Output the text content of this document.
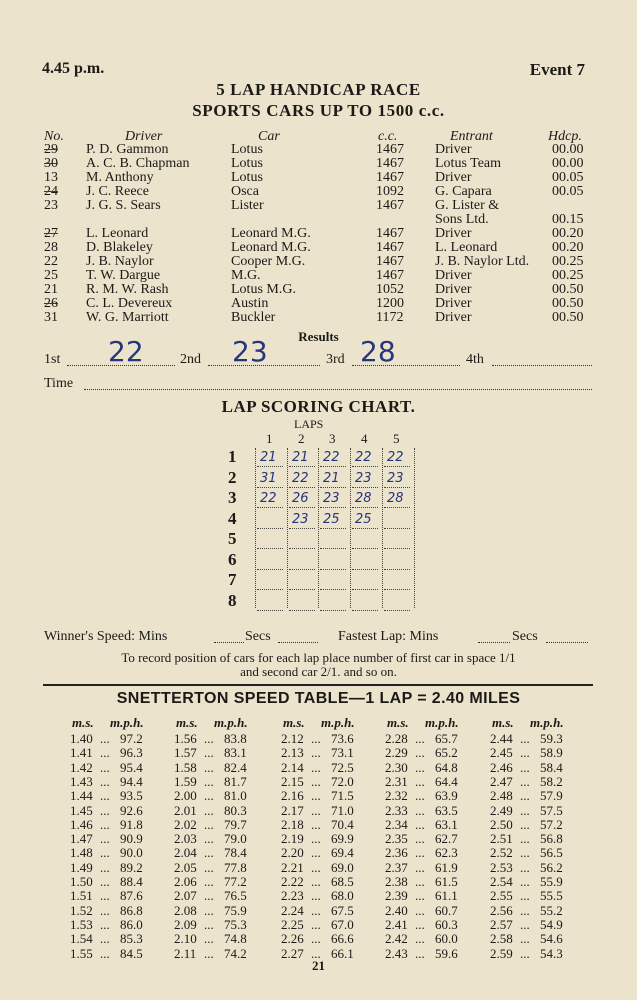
4.45 p.m.	Event 7
5 LAP HANDICAP RACE
SPORTS CARS UP TO 1500 c.c.
No.	Driver	Car	c.c.	Entrant	Hdcp.
29 P. D. Gammon	Lotus	1467 Driver	00.00
30 A. C. B. Chapman	Lotus	1467 Lotus Team	00.00
13 M. Anthony	Lotus	1467 Driver	00.05
24 J. C. Reece	Osca	1092 G. Capara	00.05
23 J. G. S. Sears	Lister	1467 G. Lister &
Sons Ltd.	00.15
27 L. Leonard	Leonard M.G.	1467 Driver	00.20
28 D. Blakeley	Leonard M.G.	1467 L. Leonard	00.20
22 J. B. Naylor	Cooper M.G.	1467 J. B. Naylor Ltd. 00.25
25 T. W. Dargue	M.G.	1467 Driver	00.25
21 R. M. W. Rash	Lotus M.G.	1052 Driver	00.50
26 C. L. Devereux	Austin	1200 Driver	00.50
31 W. G. Marriott	Buckler	1172 Driver	00.50
Results
1st 22	2nd 23	3rd 28	4th
Time
LAP SCORING CHART.
LAPS
1 2 3 4 5
1 21 21 22 22 22
2 31 22 21 23 23
3 22 26 23 28 28
4	23 25 25
5
6
7
8
Winner's Speed: Mins	Secs	Fastest Lap: Mins	Secs
To record position of cars for each lap place number of first car in space 1/1
and second car 2/1. and so on.
SNETTERTON SPEED TABLE—1 LAP = 2.40 MILES
m.s. m.p.h.
1.40 ... 97.2
1.41 ... 96.3
1.42 ... 95.4
1.43 ... 94.4
1.44 ... 93.5
1.45 ... 92.6
1.46 ... 91.8
1.47 ... 90.9
1.48 ... 90.0
1.49 ... 89.2
1.50 ... 88.4
1.51 ... 87.6
1.52 ... 86.8
1.53 ... 86.0
1.54 ... 85.3
1.55 ... 84.5
m.s. m.p.h.
1.56 ... 83.8
1.57 ... 83.1
1.58 ... 82.4
1.59 ... 81.7
2.00 ... 81.0
2.01 ... 80.3
2.02 ... 79.7
2.03 ... 79.0
2.04 ... 78.4
2.05 ... 77.8
2.06 ... 77.2
2.07 ... 76.5
2.08 ... 75.9
2.09 ... 75.3
2.10 ... 74.8
2.11 ... 74.2
m.s. m.p.h.
2.12 ... 73.6
2.13 ... 73.1
2.14 ... 72.5
2.15 ... 72.0
2.16 ... 71.5
2.17 ... 71.0
2.18 ... 70.4
2.19 ... 69.9
2.20 ... 69.4
2.21 ... 69.0
2.22 ... 68.5
2.23 ... 68.0
2.24 ... 67.5
2.25 ... 67.0
2.26 ... 66.6
2.27 ... 66.1
m.s. m.p.h.
2.28 ... 65.7
2.29 ... 65.2
2.30 ... 64.8
2.31 ... 64.4
2.32 ... 63.9
2.33 ... 63.5
2.34 ... 63.1
2.35 ... 62.7
2.36 ... 62.3
2.37 ... 61.9
2.38 ... 61.5
2.39 ... 61.1
2.40 ... 60.7
2.41 ... 60.3
2.42 ... 60.0
2.43 ... 59.6
m.s. m.p.h.
2.44 ... 59.3
2.45 ... 58.9
2.46 ... 58.4
2.47 ... 58.2
2.48 ... 57.9
2.49 ... 57.5
2.50 ... 57.2
2.51 ... 56.8
2.52 ... 56.5
2.53 ... 56.2
2.54 ... 55.9
2.55 ... 55.5
2.56 ... 55.2
2.57 ... 54.9
2.58 ... 54.6
2.59 ... 54.3
21
